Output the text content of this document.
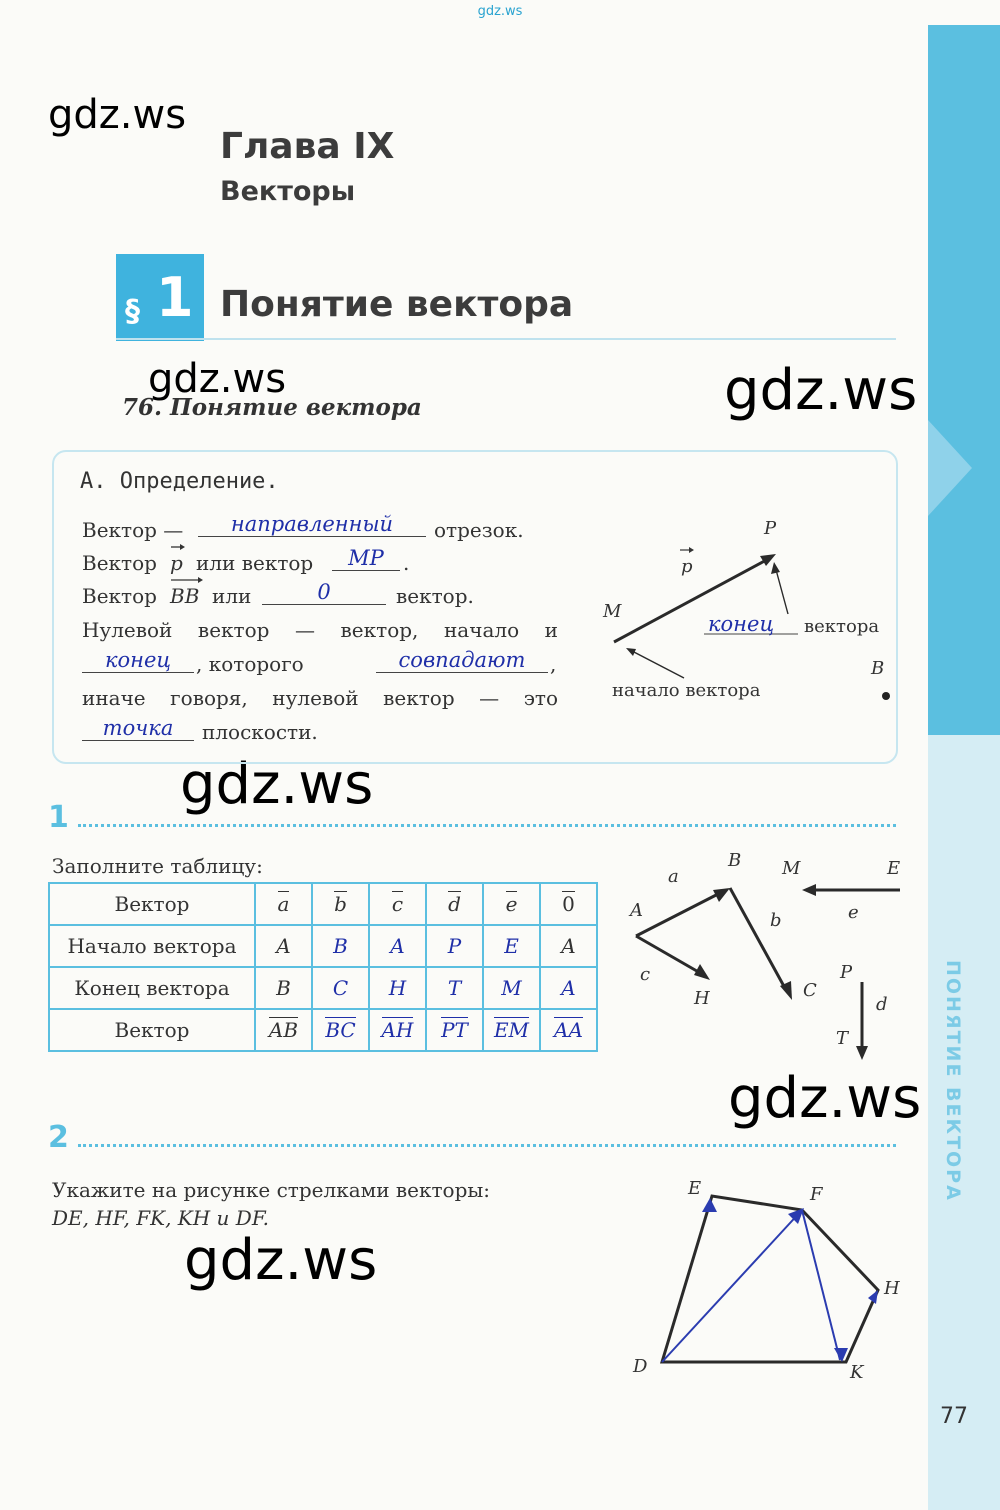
ПОНЯТИЕ ВЕКТОРА
gdz.ws
gdz.ws
gdz.ws	gdz.ws
gdz.ws
gdz.ws
gdz.ws
Глава IX
Векторы
§ 1 Понятие вектора
76. Понятие вектора
А. Определение.
Вектор —	направленный	отрезок.
Вектор p или вектор	MP .
Вектор BB или	0	вектор.
Нулевой вектор — вектор, начало и
конец	, которого	совпадают	,
иначе говоря, нулевой вектор — это
точка	плоскости.
P
p
M
конец вектора
начало вектора
B
1
Заполните таблицу:
Вектор	a	b	c	d	e	0
Начало вектора	A	B	A	P	E	A
Конец вектора	B	C	H	T	M	A
Вектор	AB	BC	AH	PT	EM	AA
a
B
A	b
c
H	C
M	E
e
P
d
T
2
Укажите на рисунке стрелками векторы:
DE, HF, FK, KH и DF.
E	F
H
D	K
77
